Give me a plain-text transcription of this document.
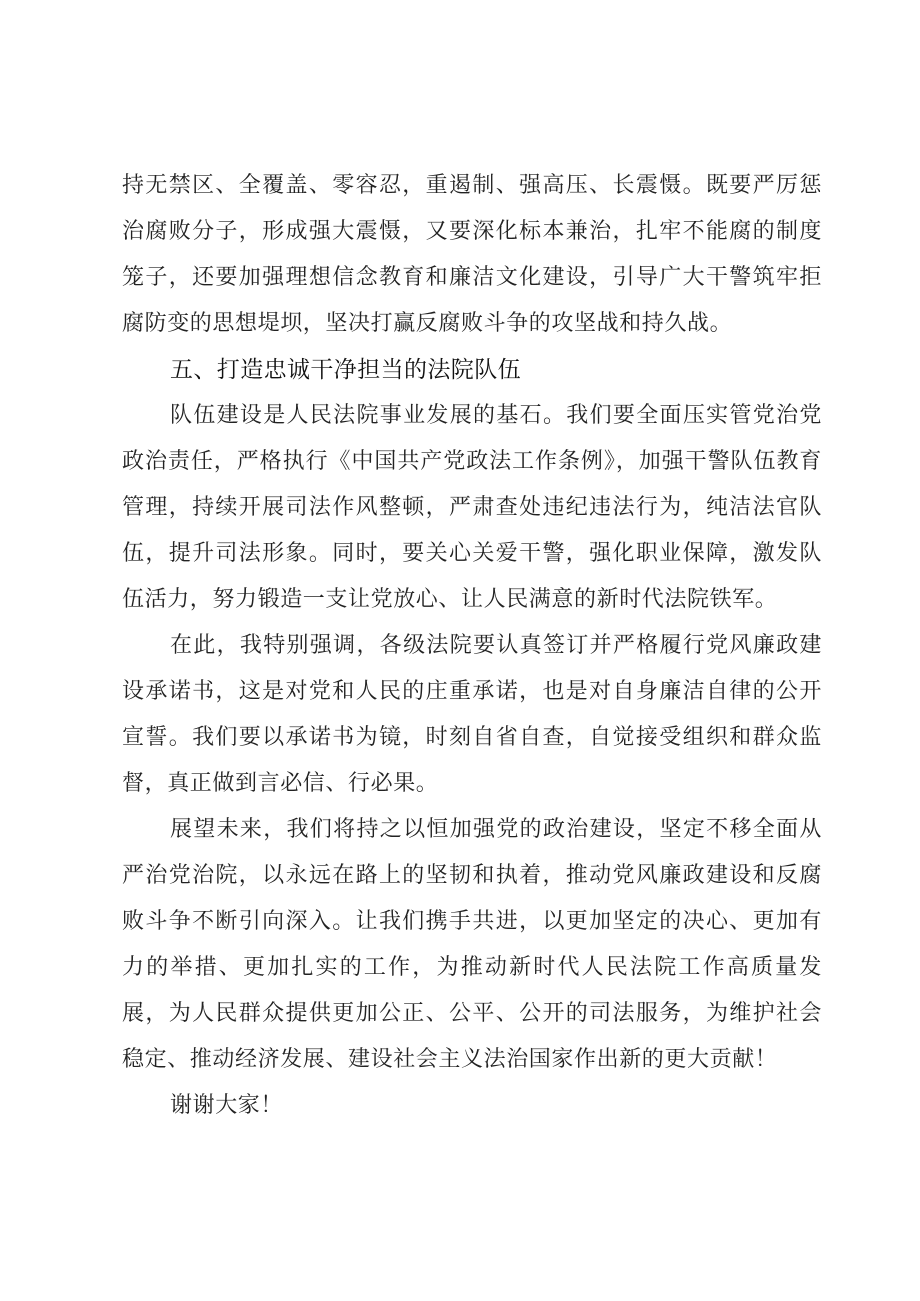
持无禁区、全覆盖、零容忍，重遏制、强高压、长震慑。既要严厉惩治腐败分子，形成强大震慑，又要深化标本兼治，扎牢不能腐的制度笼子，还要加强理想信念教育和廉洁文化建设，引导广大干警筑牢拒腐防变的思想堤坝，坚决打赢反腐败斗争的攻坚战和持久战。

五、打造忠诚干净担当的法院队伍

队伍建设是人民法院事业发展的基石。我们要全面压实管党治党政治责任，严格执行《中国共产党政法工作条例》，加强干警队伍教育管理，持续开展司法作风整顿，严肃查处违纪违法行为，纯洁法官队伍，提升司法形象。同时，要关心关爱干警，强化职业保障，激发队伍活力，努力锻造一支让党放心、让人民满意的新时代法院铁军。

在此，我特别强调，各级法院要认真签订并严格履行党风廉政建设承诺书，这是对党和人民的庄重承诺，也是对自身廉洁自律的公开宣誓。我们要以承诺书为镜，时刻自省自查，自觉接受组织和群众监督，真正做到言必信、行必果。

展望未来，我们将持之以恒加强党的政治建设，坚定不移全面从严治党治院，以永远在路上的坚韧和执着，推动党风廉政建设和反腐败斗争不断引向深入。让我们携手共进，以更加坚定的决心、更加有力的举措、更加扎实的工作，为推动新时代人民法院工作高质量发展，为人民群众提供更加公正、公平、公开的司法服务，为维护社会稳定、推动经济发展、建设社会主义法治国家作出新的更大贡献！

谢谢大家！
